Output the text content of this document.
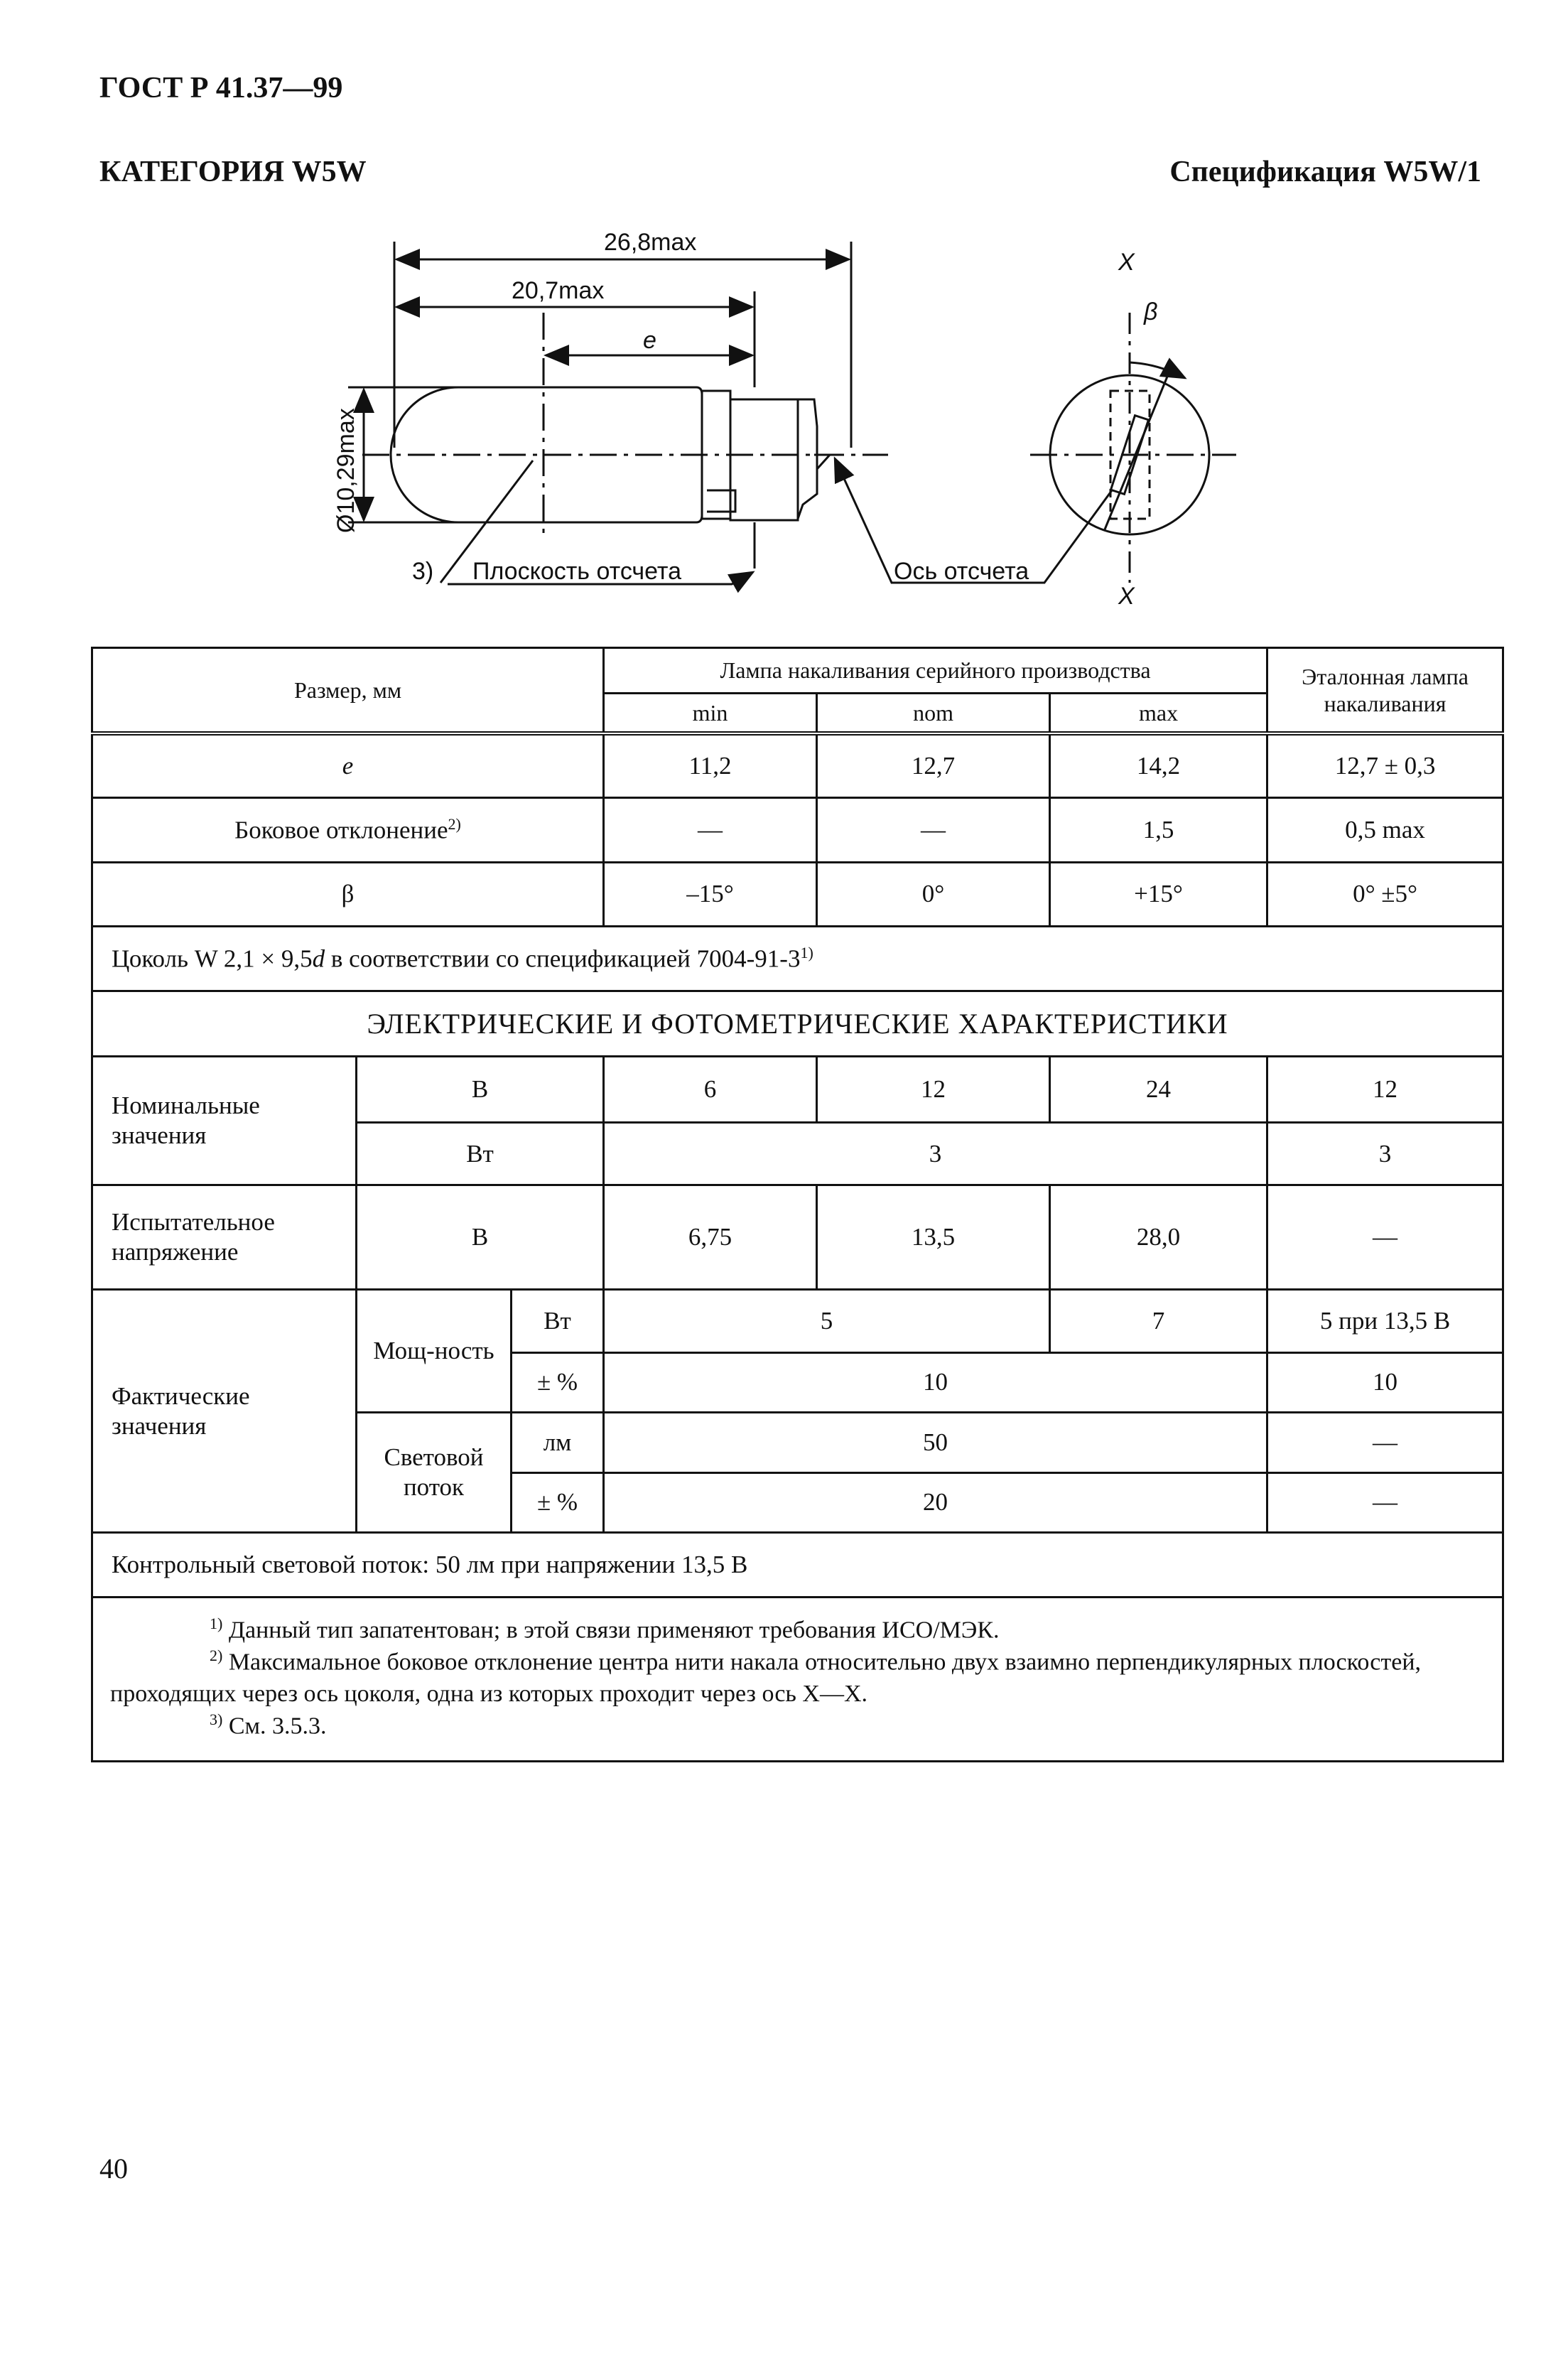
ГОСТ Р 41.37—99
КАТЕГОРИЯ W5W	Спецификация W5W/1
26,8max
20,7max
e
Ø10,29max
3) Плоскость отсчета	Ось отсчета
X
X
β
Размер, мм			Лампа накаливания серийного производства			Эталонная лампа накаливания
			min	nom	max	
e			11,2	12,7	14,2	12,7 ± 0,3
Боковое отклонение$^{2)}$			—	—	1,5	0,5 max
β			–15°	0°	+15°	0° ±5°
Цоколь W 2,1 × 9,5d в соответствии со спецификацией 7004-91-3$^{1)}$
ЭЛЕКТРИЧЕСКИЕ И ФОТОМЕТРИЧЕСКИЕ ХАРАКТЕРИСТИКИ						
Номинальные значения	В		6	12	24	12
	Вт		3			3
Испытательное напряжение	В		6,75	13,5	28,0	—
Фактические значения	Мощ-ность	Вт	5		7	5 при 13,5 В
		± %	10			10
	Световой поток	лм	50			—
		± %	20			—
Контрольный световой поток: 50 лм при напряжении 13,5 В						

$^{1)}$ Данный тип запатентован; в этой связи применяют требования ИСО/МЭК.
$^{2)}$ Максимальное боковое отклонение центра нити накала относительно двух взаимно перпендикулярных плоскостей, проходящих через ось цоколя, одна из которых проходит через ось X—X.
$^{3)}$ См. 3.5.3.						
40
